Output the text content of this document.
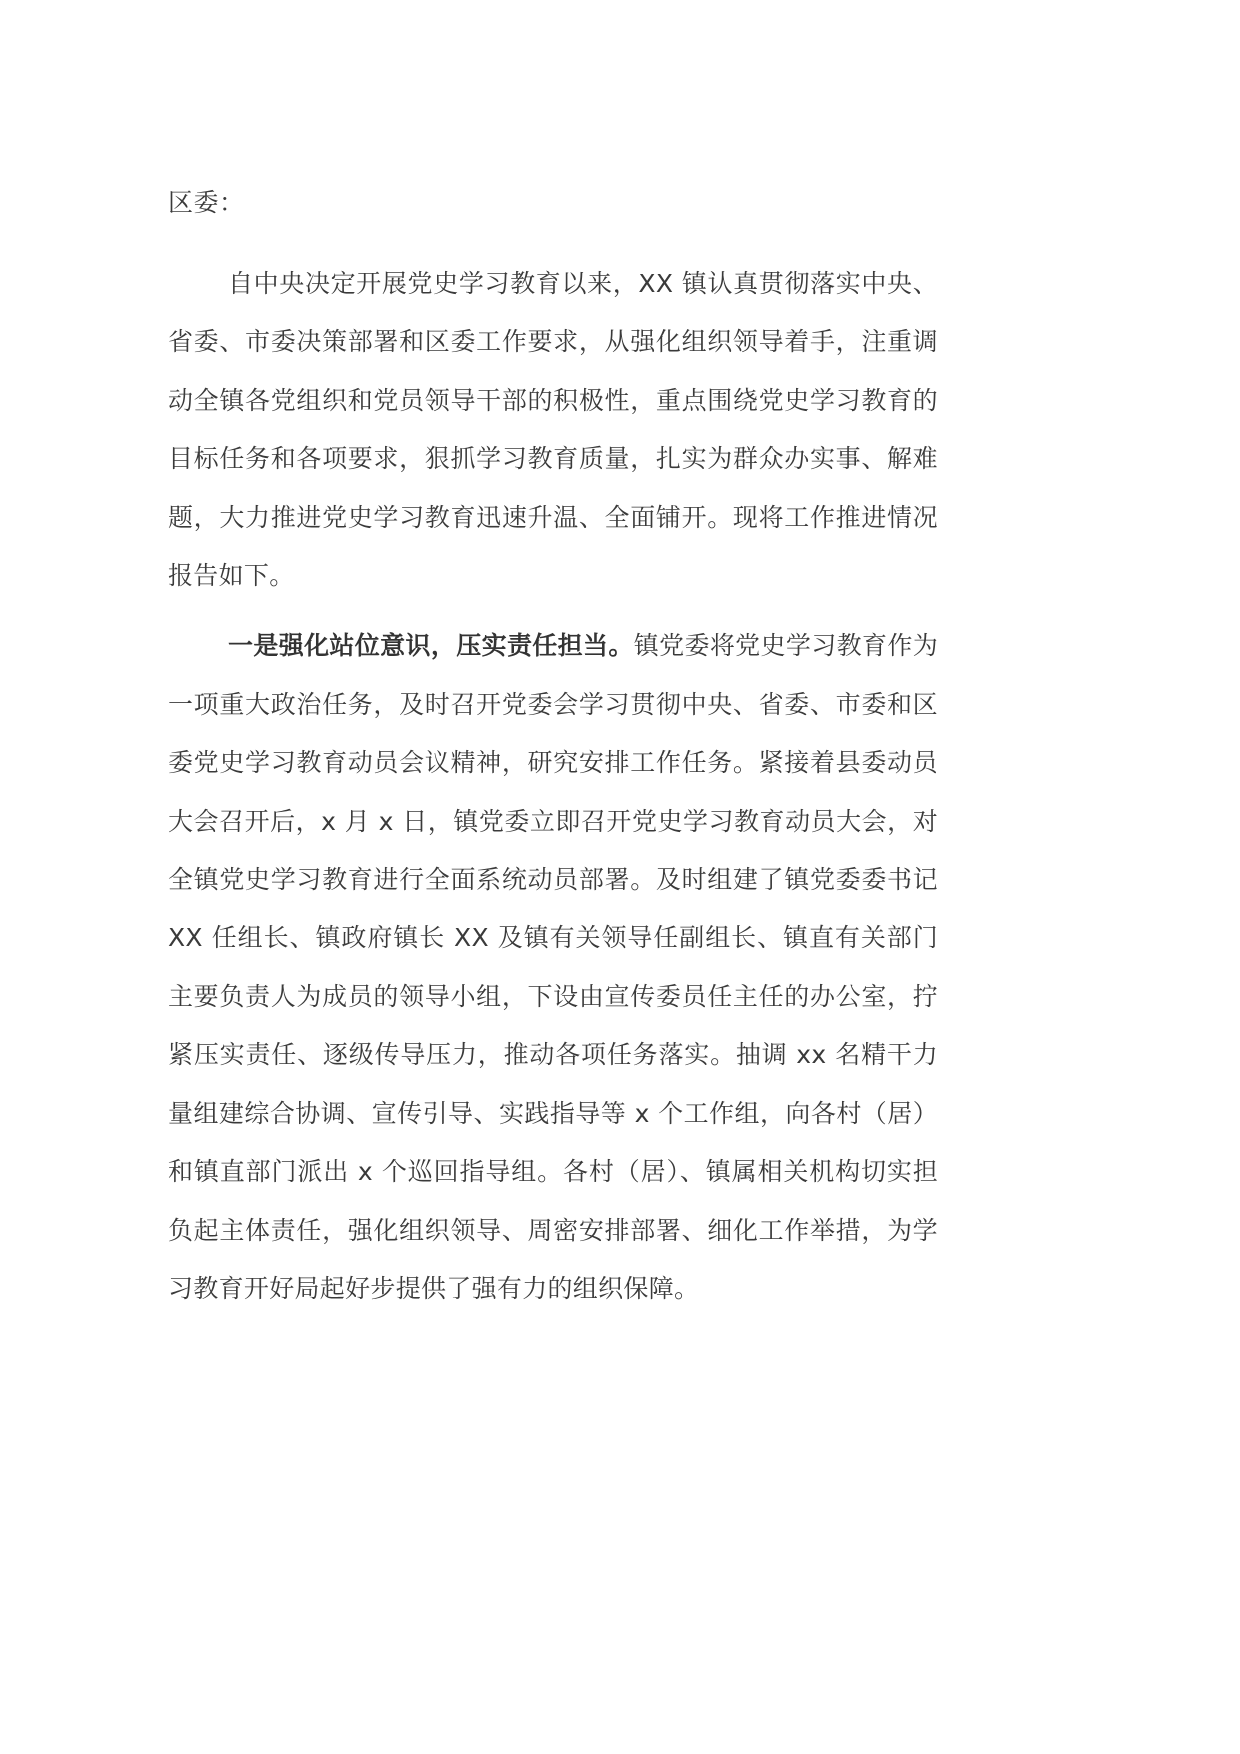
区委：

自中央决定开展党史学习教育以来，XX 镇认真贯彻落实中央、省委、市委决策部署和区委工作要求，从强化组织领导着手，注重调动全镇各党组织和党员领导干部的积极性，重点围绕党史学习教育的目标任务和各项要求，狠抓学习教育质量，扎实为群众办实事、解难题，大力推进党史学习教育迅速升温、全面铺开。现将工作推进情况报告如下。

一是强化站位意识，压实责任担当。镇党委将党史学习教育作为一项重大政治任务，及时召开党委会学习贯彻中央、省委、市委和区委党史学习教育动员会议精神，研究安排工作任务。紧接着县委动员大会召开后，x 月 x 日，镇党委立即召开党史学习教育动员大会，对全镇党史学习教育进行全面系统动员部署。及时组建了镇党委委书记 XX 任组长、镇政府镇长 XX 及镇有关领导任副组长、镇直有关部门主要负责人为成员的领导小组，下设由宣传委员任主任的办公室，拧紧压实责任、逐级传导压力，推动各项任务落实。抽调 xx 名精干力量组建综合协调、宣传引导、实践指导等 x 个工作组，向各村（居）和镇直部门派出 x 个巡回指导组。各村（居）、镇属相关机构切实担负起主体责任，强化组织领导、周密安排部署、细化工作举措，为学习教育开好局起好步提供了强有力的组织保障。
